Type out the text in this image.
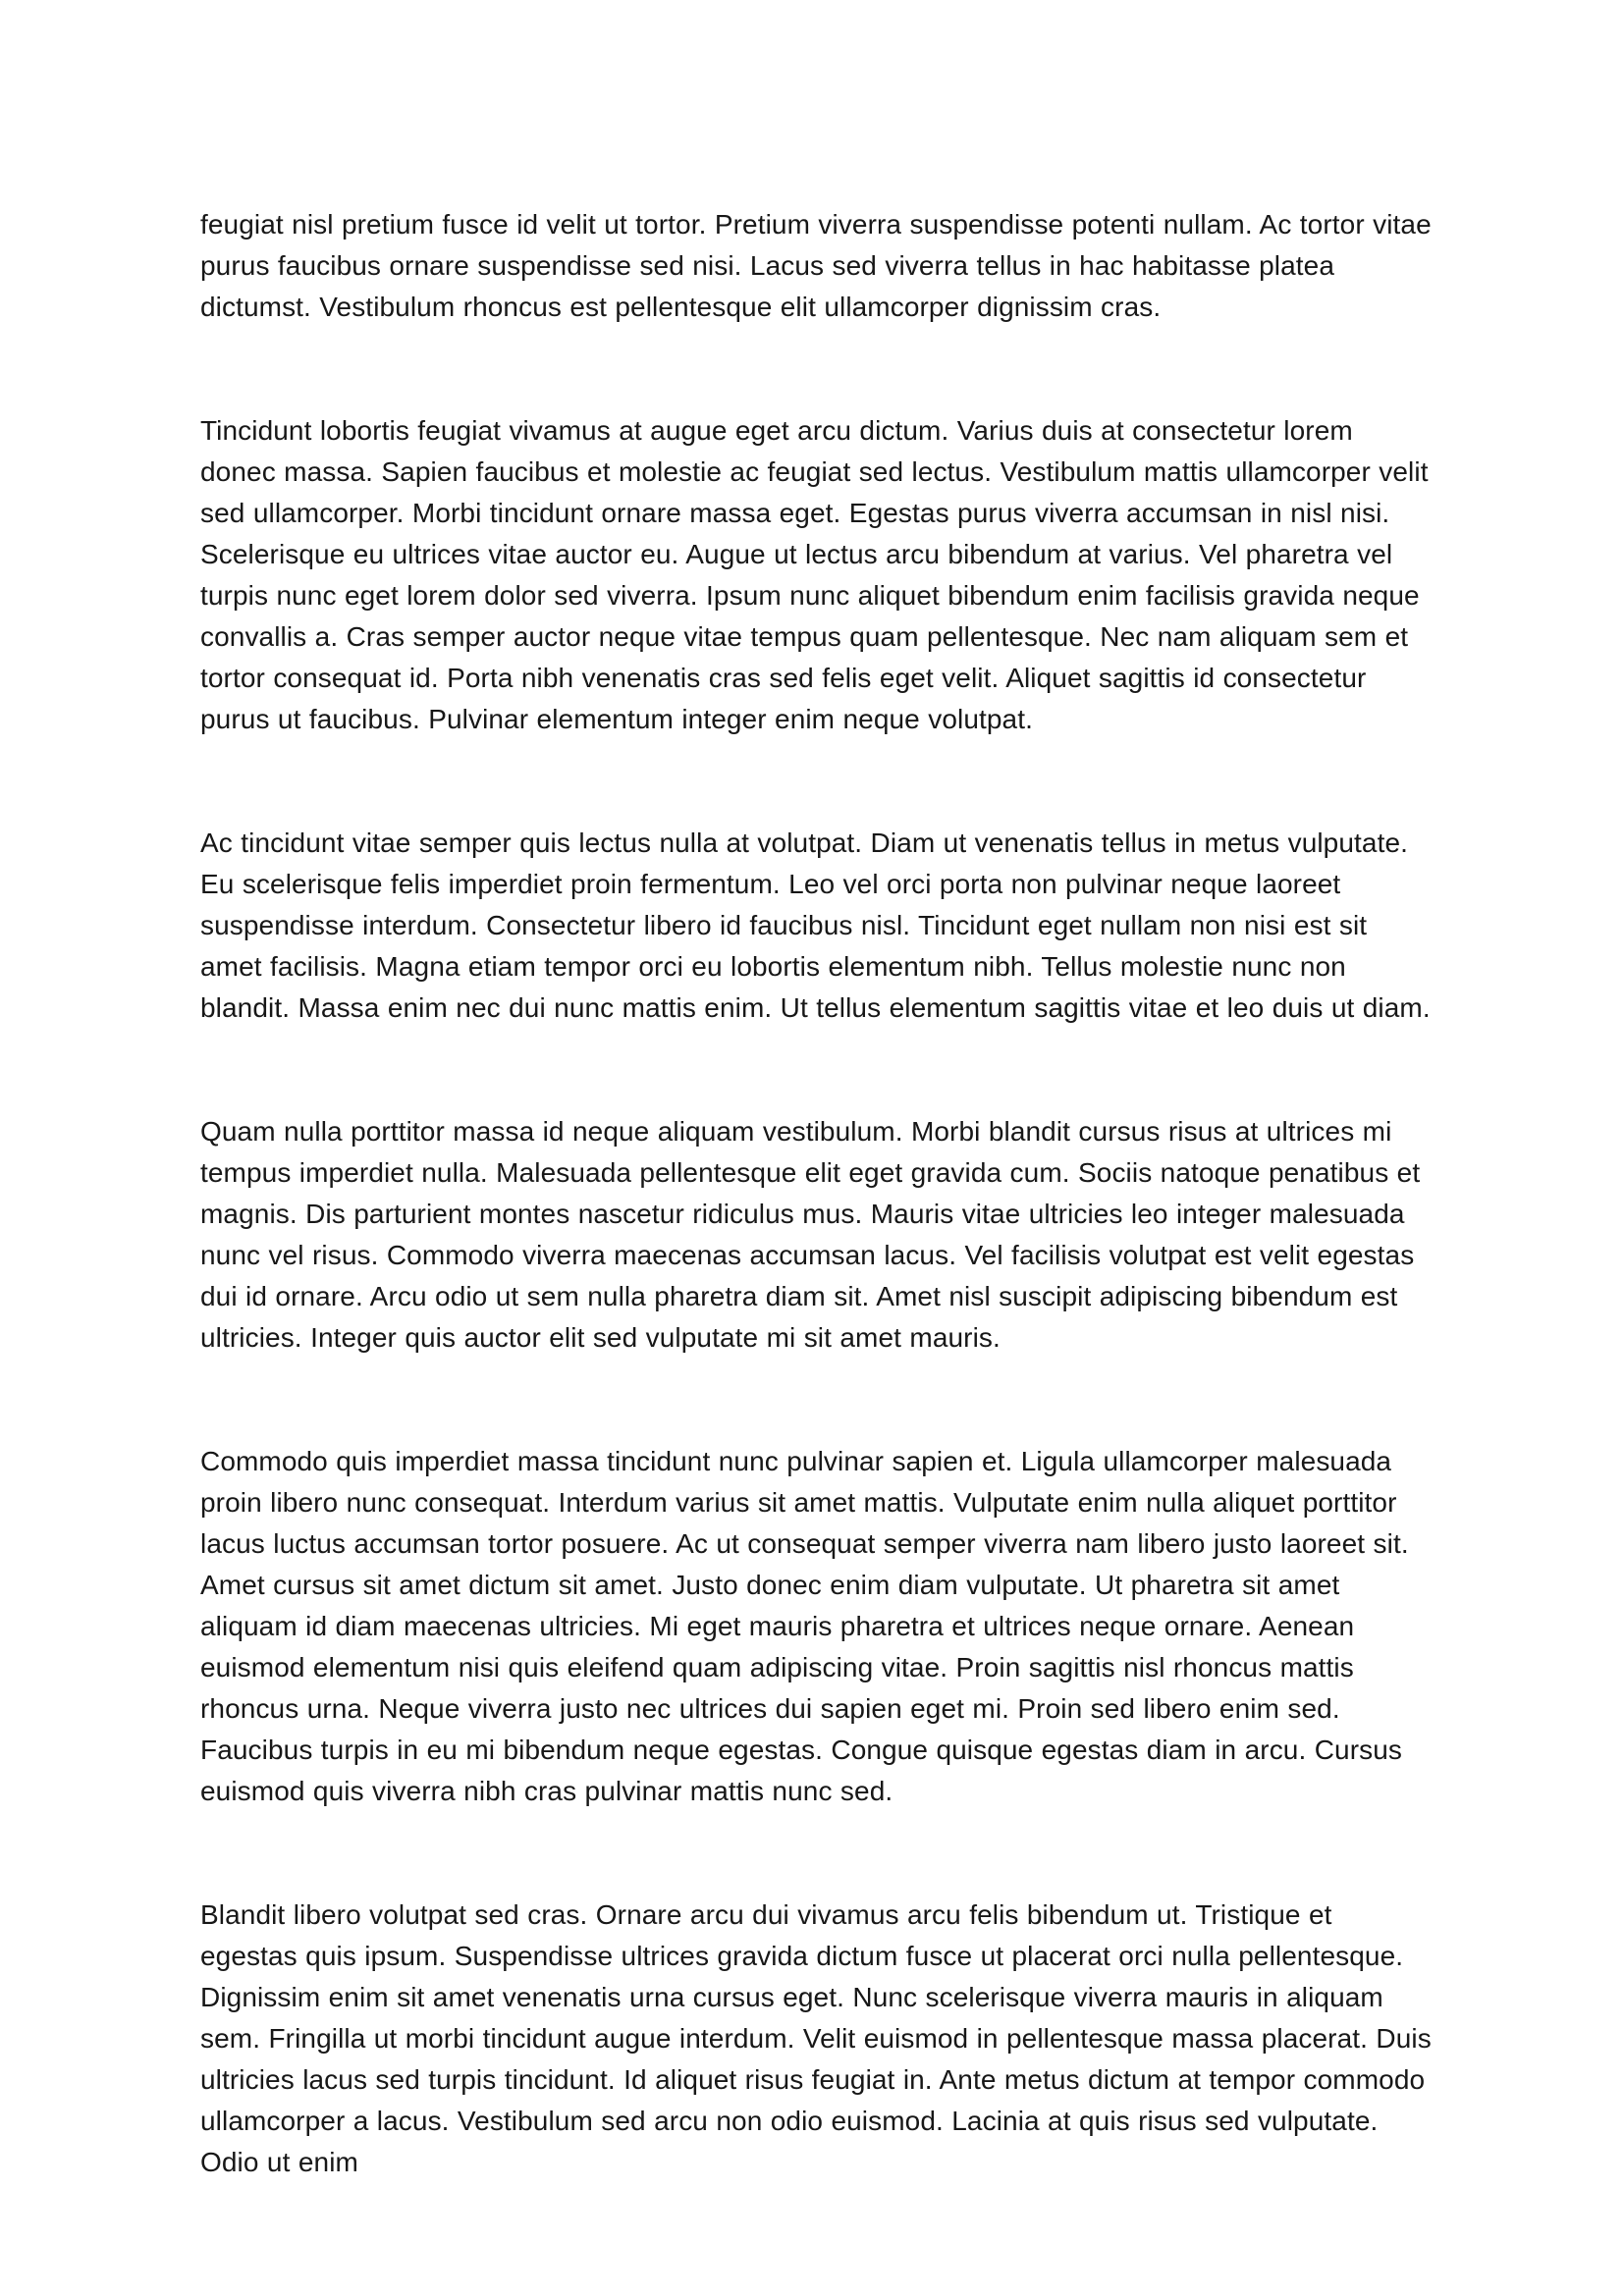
feugiat nisl pretium fusce id velit ut tortor. Pretium viverra suspendisse potenti nullam. Ac tortor vitae purus faucibus ornare suspendisse sed nisi. Lacus sed viverra tellus in hac habitasse platea dictumst. Vestibulum rhoncus est pellentesque elit ullamcorper dignissim cras.

Tincidunt lobortis feugiat vivamus at augue eget arcu dictum. Varius duis at consectetur lorem donec massa. Sapien faucibus et molestie ac feugiat sed lectus. Vestibulum mattis ullamcorper velit sed ullamcorper. Morbi tincidunt ornare massa eget. Egestas purus viverra accumsan in nisl nisi. Scelerisque eu ultrices vitae auctor eu. Augue ut lectus arcu bibendum at varius. Vel pharetra vel turpis nunc eget lorem dolor sed viverra. Ipsum nunc aliquet bibendum enim facilisis gravida neque convallis a. Cras semper auctor neque vitae tempus quam pellentesque. Nec nam aliquam sem et tortor consequat id. Porta nibh venenatis cras sed felis eget velit. Aliquet sagittis id consectetur purus ut faucibus. Pulvinar elementum integer enim neque volutpat.

Ac tincidunt vitae semper quis lectus nulla at volutpat. Diam ut venenatis tellus in metus vulputate. Eu scelerisque felis imperdiet proin fermentum. Leo vel orci porta non pulvinar neque laoreet suspendisse interdum. Consectetur libero id faucibus nisl. Tincidunt eget nullam non nisi est sit amet facilisis. Magna etiam tempor orci eu lobortis elementum nibh. Tellus molestie nunc non blandit. Massa enim nec dui nunc mattis enim. Ut tellus elementum sagittis vitae et leo duis ut diam.

Quam nulla porttitor massa id neque aliquam vestibulum. Morbi blandit cursus risus at ultrices mi tempus imperdiet nulla. Malesuada pellentesque elit eget gravida cum. Sociis natoque penatibus et magnis. Dis parturient montes nascetur ridiculus mus. Mauris vitae ultricies leo integer malesuada nunc vel risus. Commodo viverra maecenas accumsan lacus. Vel facilisis volutpat est velit egestas dui id ornare. Arcu odio ut sem nulla pharetra diam sit. Amet nisl suscipit adipiscing bibendum est ultricies. Integer quis auctor elit sed vulputate mi sit amet mauris.

Commodo quis imperdiet massa tincidunt nunc pulvinar sapien et. Ligula ullamcorper malesuada proin libero nunc consequat. Interdum varius sit amet mattis. Vulputate enim nulla aliquet porttitor lacus luctus accumsan tortor posuere. Ac ut consequat semper viverra nam libero justo laoreet sit. Amet cursus sit amet dictum sit amet. Justo donec enim diam vulputate. Ut pharetra sit amet aliquam id diam maecenas ultricies. Mi eget mauris pharetra et ultrices neque ornare. Aenean euismod elementum nisi quis eleifend quam adipiscing vitae. Proin sagittis nisl rhoncus mattis rhoncus urna. Neque viverra justo nec ultrices dui sapien eget mi. Proin sed libero enim sed. Faucibus turpis in eu mi bibendum neque egestas. Congue quisque egestas diam in arcu. Cursus euismod quis viverra nibh cras pulvinar mattis nunc sed.

Blandit libero volutpat sed cras. Ornare arcu dui vivamus arcu felis bibendum ut. Tristique et egestas quis ipsum. Suspendisse ultrices gravida dictum fusce ut placerat orci nulla pellentesque. Dignissim enim sit amet venenatis urna cursus eget. Nunc scelerisque viverra mauris in aliquam sem. Fringilla ut morbi tincidunt augue interdum. Velit euismod in pellentesque massa placerat. Duis ultricies lacus sed turpis tincidunt. Id aliquet risus feugiat in. Ante metus dictum at tempor commodo ullamcorper a lacus. Vestibulum sed arcu non odio euismod. Lacinia at quis risus sed vulputate. Odio ut enim
